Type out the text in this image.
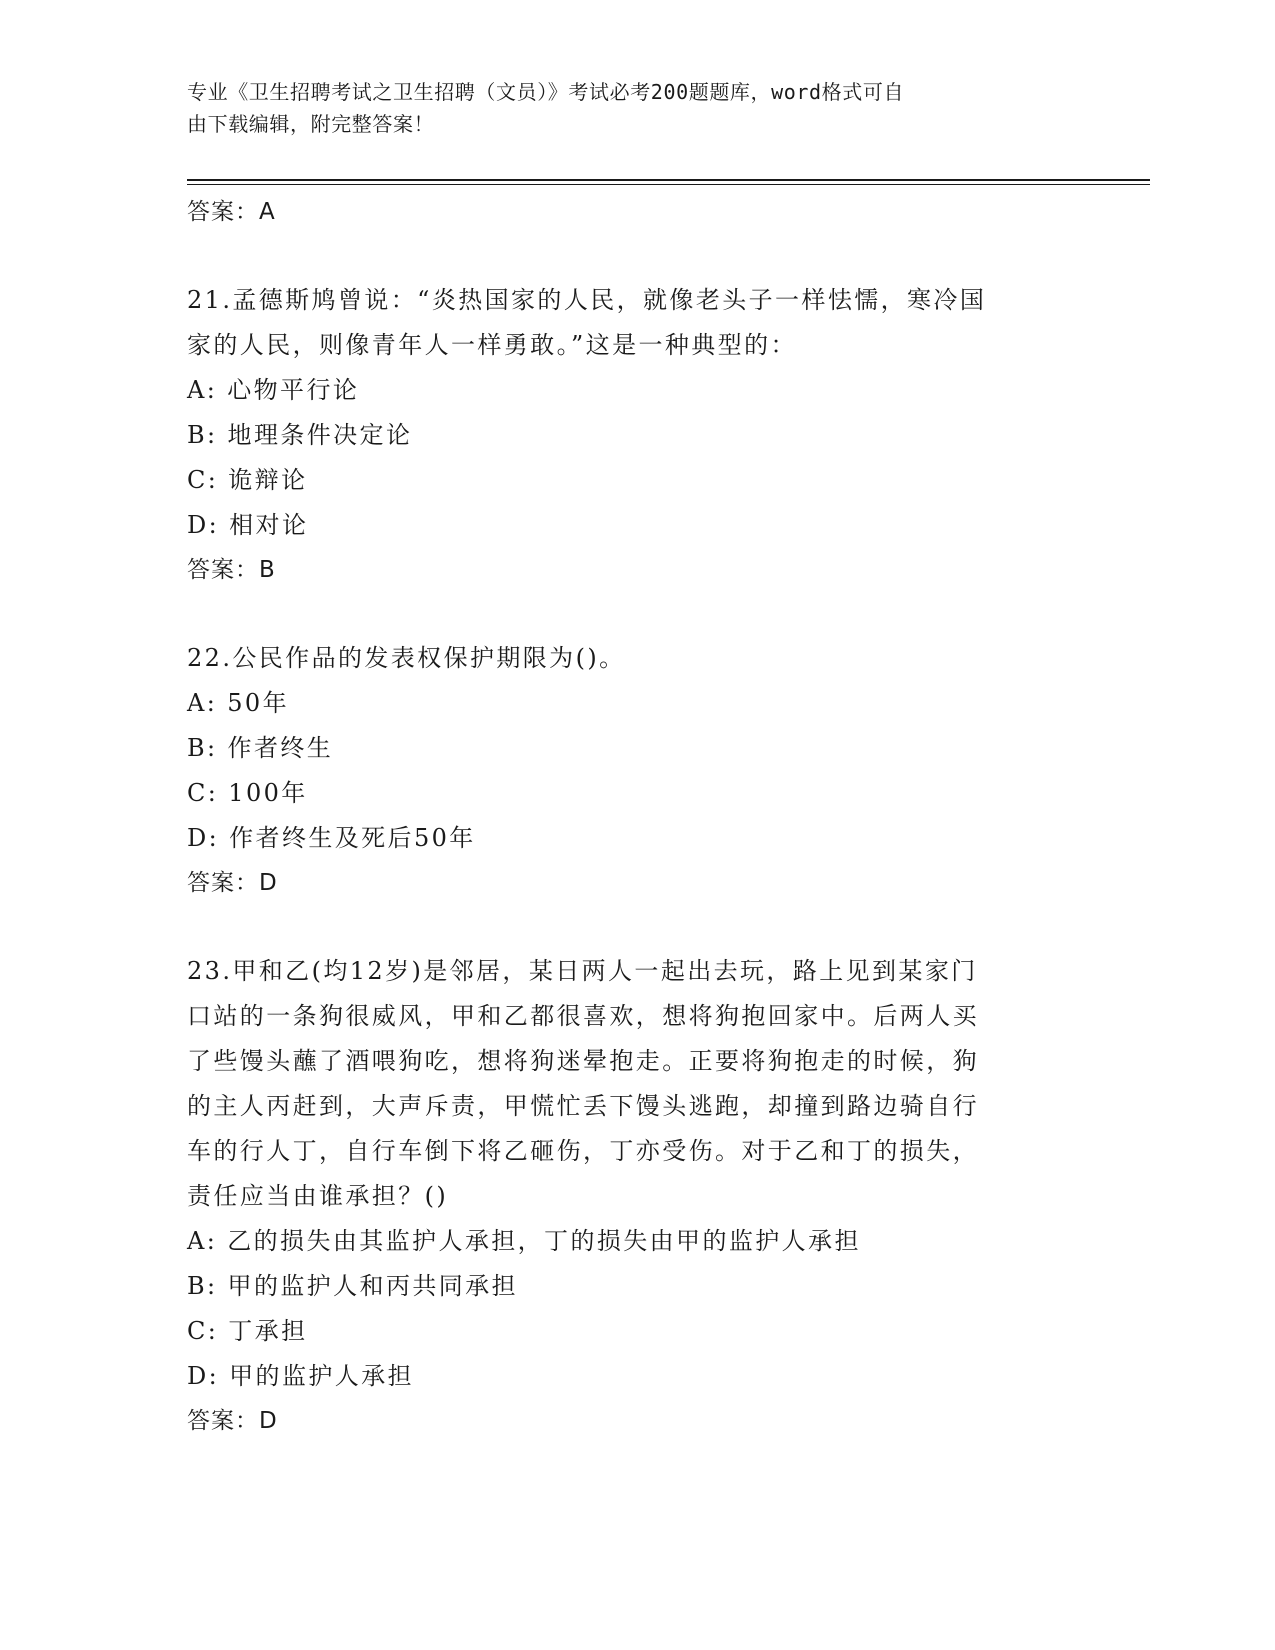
专业《卫生招聘考试之卫生招聘（文员）》考试必考200题题库，word格式可自
由下载编辑，附完整答案！
答案：A
21.孟德斯鸠曾说：“炎热国家的人民，就像老头子一样怯懦，寒冷国
家的人民，则像青年人一样勇敢。”这是一种典型的：
A: 心物平行论
B: 地理条件决定论
C: 诡辩论
D: 相对论
答案：B
22.公民作品的发表权保护期限为()。
A: 50年
B: 作者终生
C: 100年
D: 作者终生及死后50年
答案：D
23.甲和乙(均12岁)是邻居，某日两人一起出去玩，路上见到某家门
口站的一条狗很威风，甲和乙都很喜欢，想将狗抱回家中。后两人买
了些馒头蘸了酒喂狗吃，想将狗迷晕抱走。正要将狗抱走的时候，狗
的主人丙赶到，大声斥责，甲慌忙丢下馒头逃跑，却撞到路边骑自行
车的行人丁，自行车倒下将乙砸伤，丁亦受伤。对于乙和丁的损失，
责任应当由谁承担？()
A: 乙的损失由其监护人承担，丁的损失由甲的监护人承担
B: 甲的监护人和丙共同承担
C: 丁承担
D: 甲的监护人承担
答案：D
